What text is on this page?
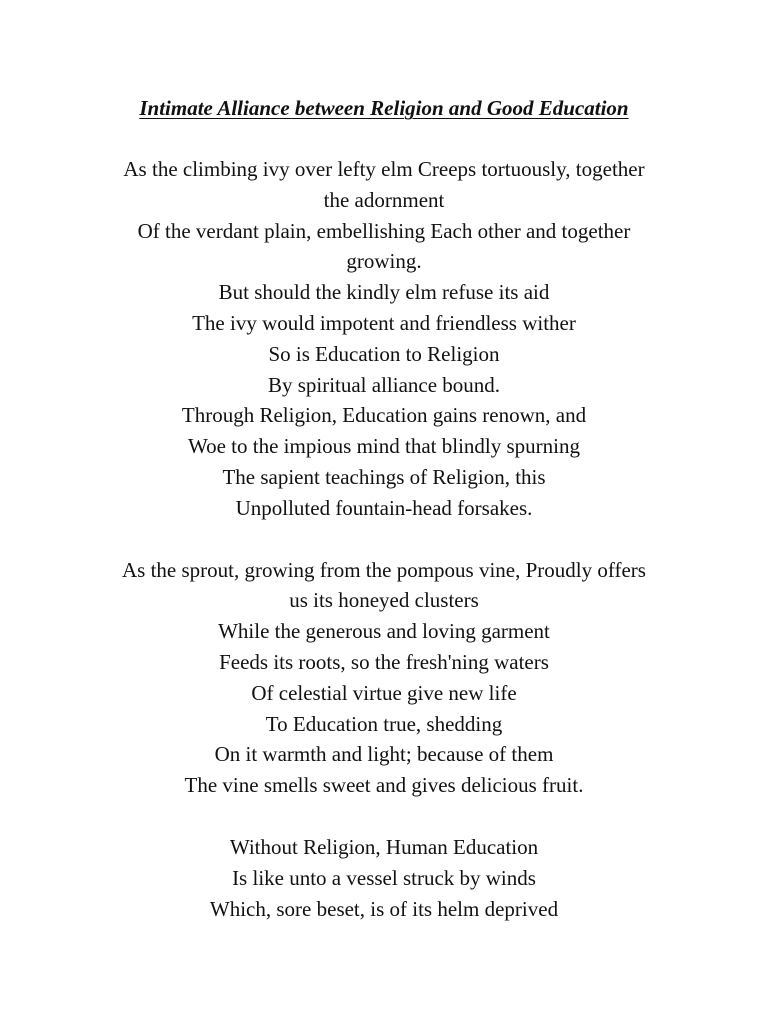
Intimate Alliance between Religion and Good Education
As the climbing ivy over lefty elm Creeps tortuously, together
the adornment
Of the verdant plain, embellishing Each other and together
growing.
But should the kindly elm refuse its aid
The ivy would impotent and friendless wither
So is Education to Religion
By spiritual alliance bound.
Through Religion, Education gains renown, and
Woe to the impious mind that blindly spurning
The sapient teachings of Religion, this
Unpolluted fountain-head forsakes.
As the sprout, growing from the pompous vine, Proudly offers
us its honeyed clusters
While the generous and loving garment
Feeds its roots, so the fresh'ning waters
Of celestial virtue give new life
To Education true, shedding
On it warmth and light; because of them
The vine smells sweet and gives delicious fruit.
Without Religion, Human Education
Is like unto a vessel struck by winds
Which, sore beset, is of its helm deprived
